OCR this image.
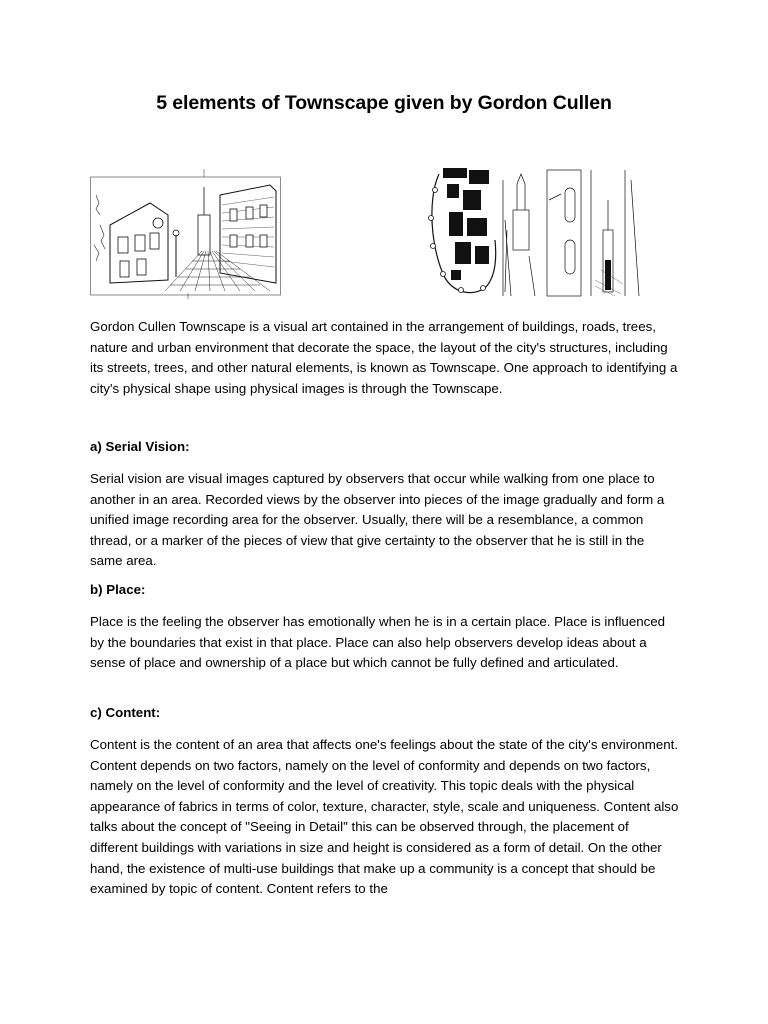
5 elements of Townscape given by Gordon Cullen

Gordon Cullen Townscape is a visual art contained in the arrangement of buildings, roads, trees, nature and urban environment that decorate the space, the layout of the city's structures, including its streets, trees, and other natural elements, is known as Townscape. One approach to identifying a city's physical shape using physical images is through the Townscape.

a) Serial Vision:

Serial vision are visual images captured by observers that occur while walking from one place to another in an area. Recorded views by the observer into pieces of the image gradually and form a unified image recording area for the observer. Usually, there will be a resemblance, a common thread, or a marker of the pieces of view that give certainty to the observer that he is still in the same area.

b) Place:

Place is the feeling the observer has emotionally when he is in a certain place. Place is influenced by the boundaries that exist in that place. Place can also help observers develop ideas about a sense of place and ownership of a place but which cannot be fully defined and articulated.

c) Content:

Content is the content of an area that affects one's feelings about the state of the city's environment. Content depends on two factors, namely on the level of conformity and depends on two factors, namely on the level of conformity and the level of creativity. This topic deals with the physical appearance of fabrics in terms of color, texture, character, style, scale and uniqueness. Content also talks about the concept of "Seeing in Detail" this can be observed through, the placement of different buildings with variations in size and height is considered as a form of detail. On the other hand, the existence of multi-use buildings that make up a community is a concept that should be examined by topic of content. Content refers to the
